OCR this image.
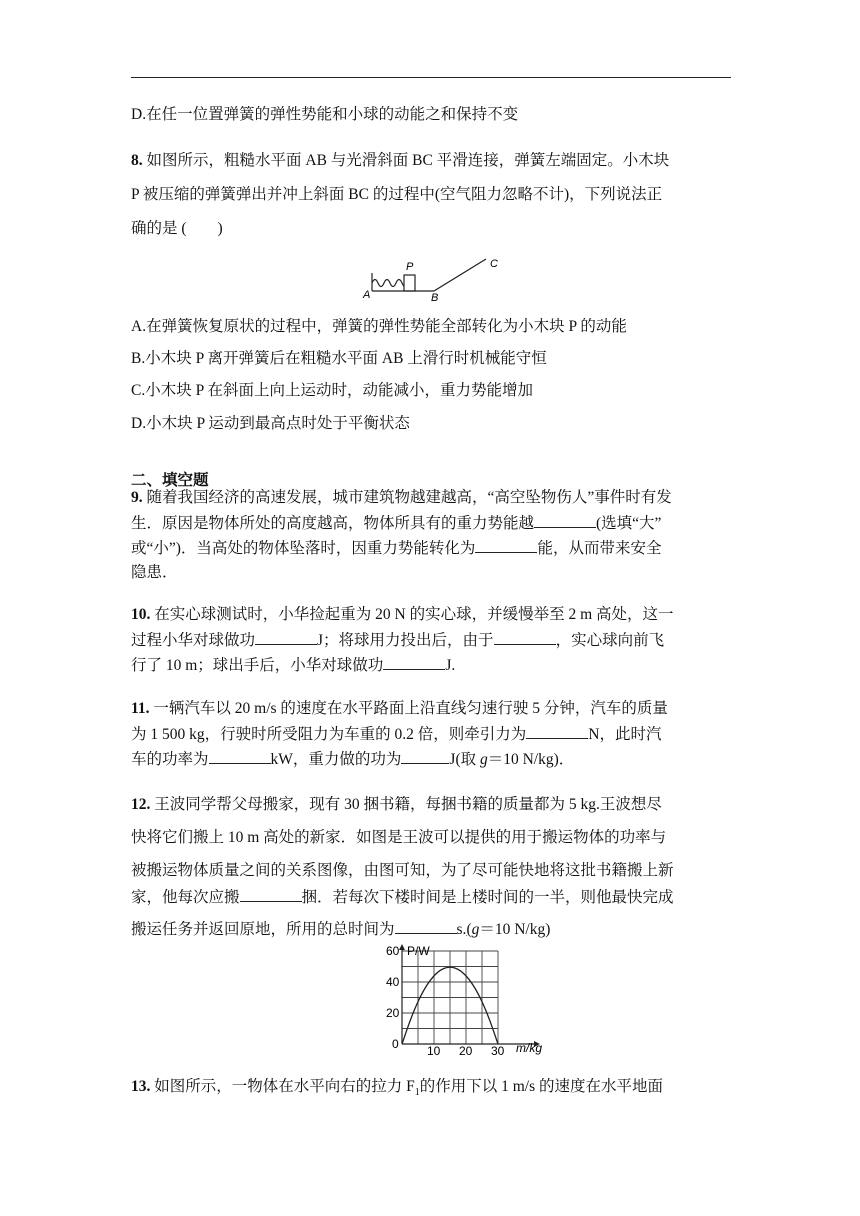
D.在任一位置弹簧的弹性势能和小球的动能之和保持不变
8. 如图所示，粗糙水平面 AB 与光滑斜面 BC 平滑连接，弹簧左端固定。小木块
P 被压缩的弹簧弹出并冲上斜面 BC 的过程中(空气阻力忽略不计)，下列说法正
确的是 (　　)
A
P
B
C
A.在弹簧恢复原状的过程中，弹簧的弹性势能全部转化为小木块 P 的动能
B.小木块 P 离开弹簧后在粗糙水平面 AB 上滑行时机械能守恒
C.小木块 P 在斜面上向上运动时，动能减小，重力势能增加
D.小木块 P 运动到最高点时处于平衡状态
二、填空题
9. 随着我国经济的高速发展，城市建筑物越建越高，“高空坠物伤人”事件时有发
生．原因是物体所处的高度越高，物体所具有的重力势能越	(选填“大”
或“小”)．当高处的物体坠落时，因重力势能转化为	能，从而带来安全
隐患．
10. 在实心球测试时，小华捡起重为 20 N 的实心球，并缓慢举至 2 m 高处，这一
过程小华对球做功	J；将球用力投出后，由于	，实心球向前飞
行了 10 m；球出手后，小华对球做功	J.
11. 一辆汽车以 20 m/s 的速度在水平路面上沿直线匀速行驶 5 分钟，汽车的质量
为 1 500 kg，行驶时所受阻力为车重的 0.2 倍，则牵引力为	N，此时汽
车的功率为	kW，重力做的功为	J(取 g＝10 N/kg)．
12. 王波同学帮父母搬家，现有 30 捆书籍，每捆书籍的质量都为 5 kg.王波想尽
快将它们搬上 10 m 高处的新家．如图是王波可以提供的用于搬运物体的功率与
被搬运物体质量之间的关系图像，由图可知，为了尽可能快地将这批书籍搬上新
家，他每次应搬	捆．若每次下楼时间是上楼时间的一半，则他最快完成
搬运任务并返回原地，所用的总时间为	s.(g＝10 N/kg)
10 20 30
0
20
40
60 P/W
m/kg
13. 如图所示，一物体在水平向右的拉力 $F_1$的作用下以 1 m/s 的速度在水平地面
